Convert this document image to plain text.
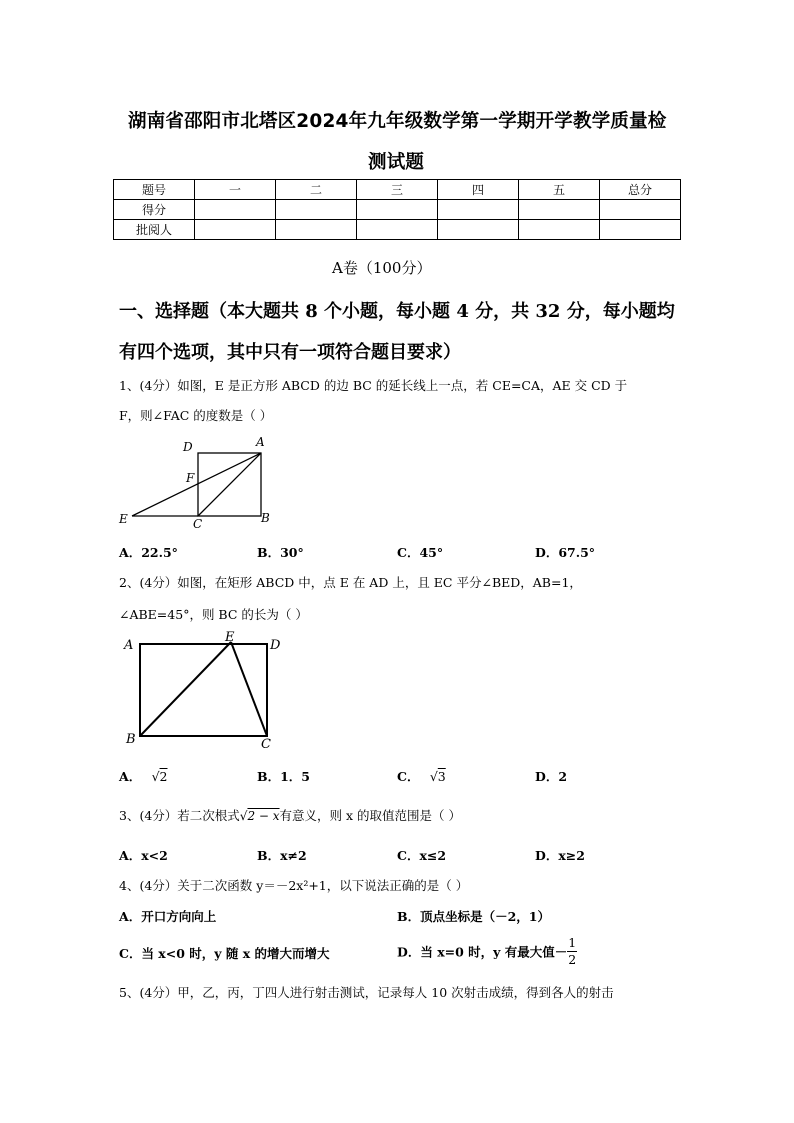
湖南省邵阳市北塔区2024年九年级数学第一学期开学教学质量检
测试题
题号	一	二	三	四	五	总分
得分						
批阅人						
A卷（100分）
一、选择题（本大题共 8 个小题，每小题 4 分，共 32 分，每小题均
有四个选项，其中只有一项符合题目要求）
1、(4分）如图，E 是正方形 ABCD 的边 BC 的延长线上一点，若 CE=CA，AE 交 CD 于
F，则∠FAC 的度数是（ ）
D	A
F
E	C	B
A．22.5°	B．30°	C．45°	D．67.5°
2、(4分）如图，在矩形 ABCD 中，点 E 在 AD 上，且 EC 平分∠BED，AB=1，
∠ABE=45°，则 BC 的长为（ ）
A
E
D
B	C
A． √2	B．1．5	C． √3	D．2
3、(4分）若二次根式√2 − x有意义，则 x 的取值范围是（ ）
A．x<2	B．x≠2	C．x≤2	D．x≥2
4、(4分）关于二次函数 y＝－2x²+1，以下说法正确的是（ ）
A．开口方向向上	B．顶点坐标是（－2，1）
C．当 x<0 时，y 随 x 的增大而增大	D．当 x=0 时，y 有最大值－ $\frac{1}{2}$
5、(4分）甲，乙，丙，丁四人进行射击测试，记录每人 10 次射击成绩，得到各人的射击
